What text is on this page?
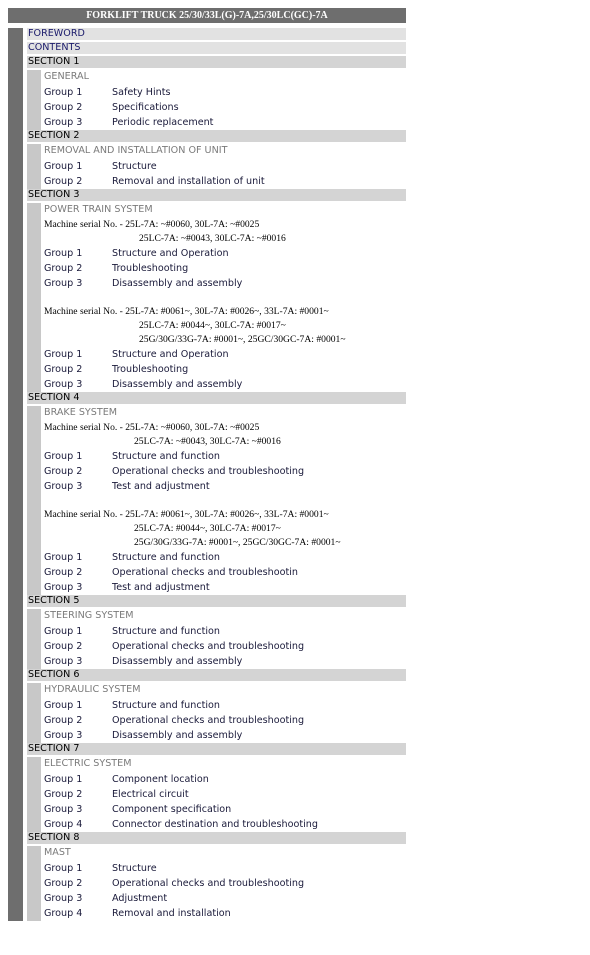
FORKLIFT TRUCK 25/30/33L(G)-7A,25/30LC(GC)-7A
FOREWORD
CONTENTS
SECTION 1
GENERAL
Group 1	Safety Hints
Group 2	Specifications
Group 3	Periodic replacement
SECTION 2
REMOVAL AND INSTALLATION OF UNIT
Group 1	Structure
Group 2	Removal and installation of unit
SECTION 3
POWER TRAIN SYSTEM
Machine serial No. - 25L-7A: ~#0060, 30L-7A: ~#0025
25LC-7A: ~#0043, 30LC-7A: ~#0016
Group 1	Structure and Operation
Group 2	Troubleshooting
Group 3	Disassembly and assembly
Machine serial No. - 25L-7A: #0061~, 30L-7A: #0026~, 33L-7A: #0001~
25LC-7A: #0044~, 30LC-7A: #0017~
25G/30G/33G-7A: #0001~, 25GC/30GC-7A: #0001~
Group 1	Structure and Operation
Group 2	Troubleshooting
Group 3	Disassembly and assembly
SECTION 4
BRAKE SYSTEM
Machine serial No. - 25L-7A: ~#0060, 30L-7A: ~#0025
25LC-7A: ~#0043, 30LC-7A: ~#0016
Group 1	Structure and function
Group 2	Operational checks and troubleshooting
Group 3	Test and adjustment
Machine serial No. - 25L-7A: #0061~, 30L-7A: #0026~, 33L-7A: #0001~
25LC-7A: #0044~, 30LC-7A: #0017~
25G/30G/33G-7A: #0001~, 25GC/30GC-7A: #0001~
Group 1	Structure and function
Group 2	Operational checks and troubleshootin
Group 3	Test and adjustment
SECTION 5
STEERING SYSTEM
Group 1	Structure and function
Group 2	Operational checks and troubleshooting
Group 3	Disassembly and assembly
SECTION 6
HYDRAULIC SYSTEM
Group 1	Structure and function
Group 2	Operational checks and troubleshooting
Group 3	Disassembly and assembly
SECTION 7
ELECTRIC SYSTEM
Group 1	Component location
Group 2	Electrical circuit
Group 3	Component specification
Group 4	Connector destination and troubleshooting
SECTION 8
MAST
Group 1	Structure
Group 2	Operational checks and troubleshooting
Group 3	Adjustment
Group 4	Removal and installation
